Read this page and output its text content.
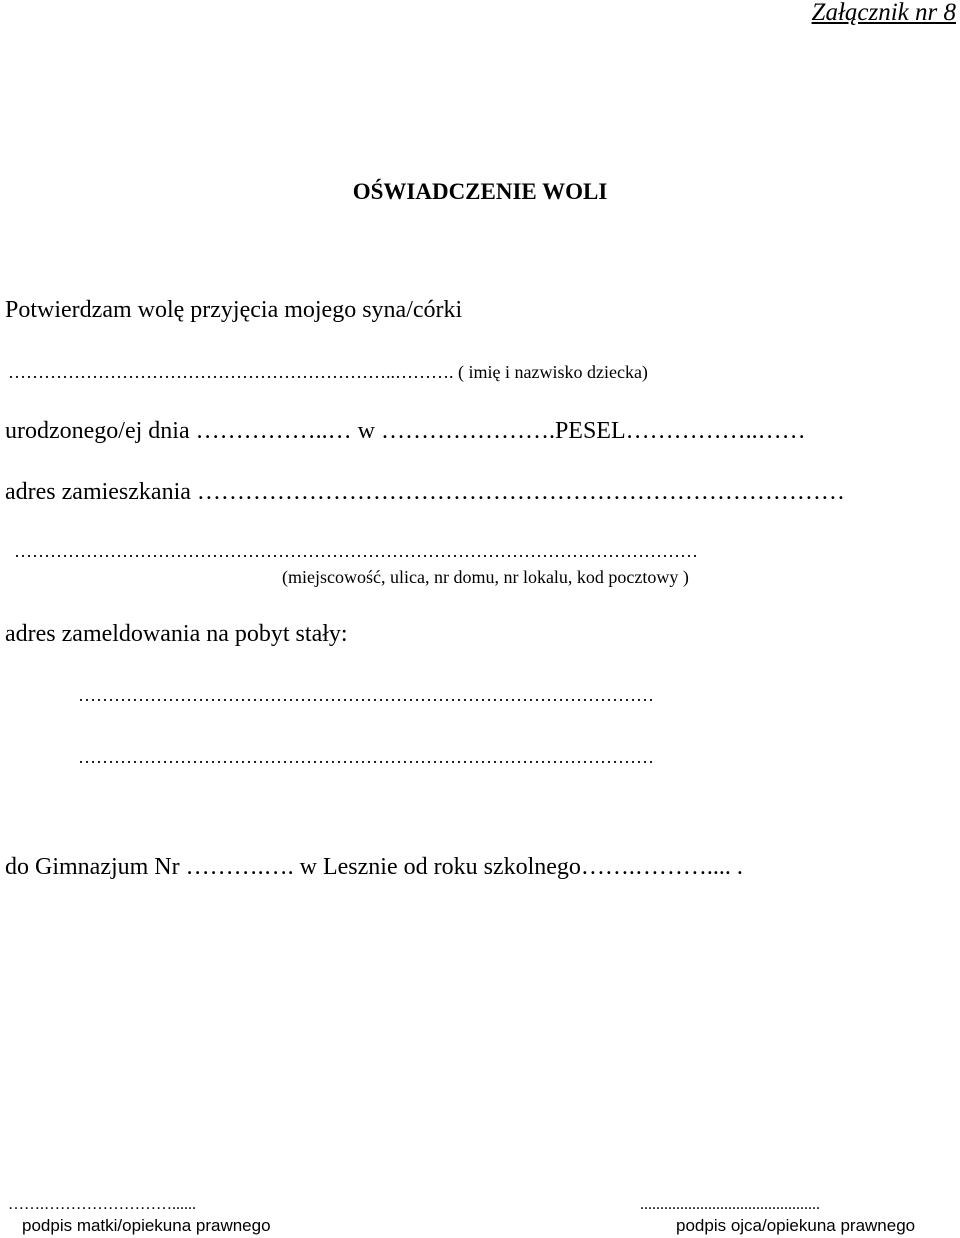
Załącznik nr 8

OŚWIADCZENIE WOLI

Potwierdzam wolę przyjęcia mojego syna/córki

………………………………………………………..………. ( imię i nazwisko dziecka)

urodzonego/ej dnia ……………..… w ………………….PESEL……………..……

adres zamieszkania ………………………………………………………………………

……………………………………………………………………………………………………

(miejscowość, ulica, nr domu, nr lokalu, kod pocztowy )

adres zameldowania na pobyt stały:

……………………………………………………………………………………

……………………………………………………………………………………

do Gimnazjum Nr ……….…. w Lesznie od roku szkolnego…….……….... .

…….……………………......

podpis matki/opiekuna prawnego

.............................................

podpis ojca/opiekuna prawnego
